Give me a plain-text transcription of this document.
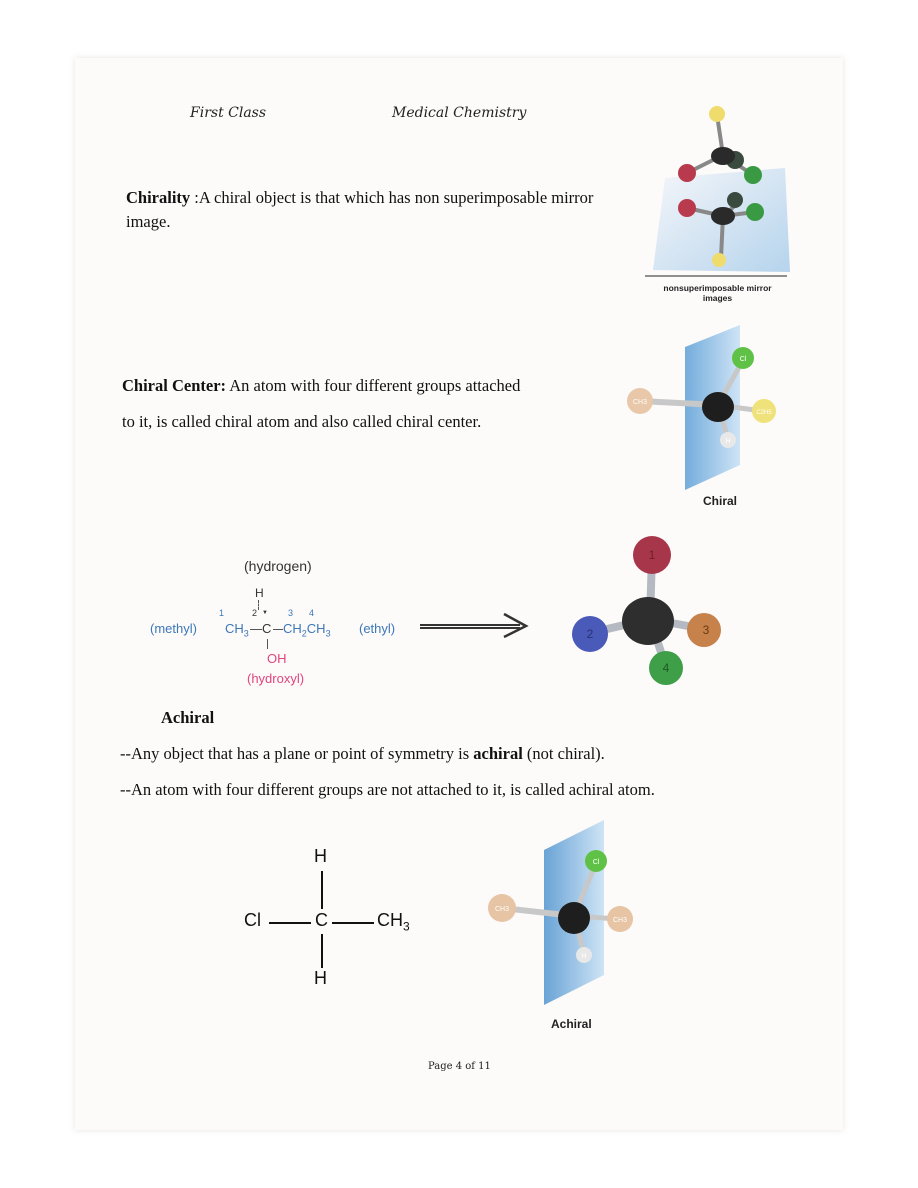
First Class	Medical Chemistry
Chirality :A chiral object is that which has non superimposable mirror image.
nonsuperimposable mirror images
Chiral Center: An atom with four different groups attached
to it, is called chiral atom and also called chiral center.
CH3
Cl
C2H5
H
Chiral
(hydrogen)
H
1	2 ▼ 3 4
(methyl) $CH_3$ C $CH_2CH_3$ (ethyl)
OH
(hydroxyl)
1
2	3
4
Achiral
--Any object that has a plane or point of symmetry is achiral (not chiral).
--An atom with four different groups are not attached to it, is called achiral atom.
H
Cl	C	$CH_3$
H
CH3
Cl
CH3
H
Achiral
Page 4 of 11
